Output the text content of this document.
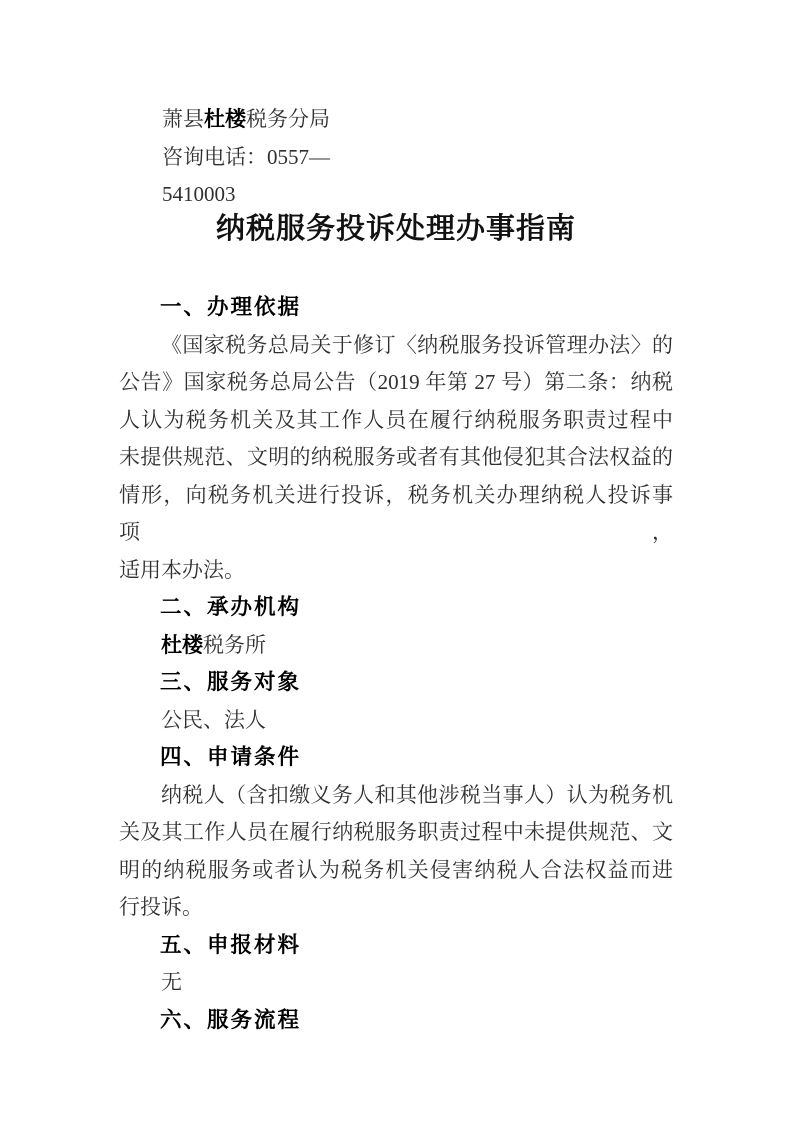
萧县杜楼税务分局

咨询电话：0557—

5410003

纳税服务投诉处理办事指南
一、办理依据

《国家税务总局关于修订〈纳税服务投诉管理办法〉的

公告》国家税务总局公告（2019 年第 27 号）第二条：纳税

人认为税务机关及其工作人员在履行纳税服务职责过程中

未提供规范、文明的纳税服务或者有其他侵犯其合法权益的

情形，向税务机关进行投诉，税务机关办理纳税人投诉事项，

适用本办法。

二、承办机构

杜楼税务所

三、服务对象

公民、法人

四、申请条件

纳税人（含扣缴义务人和其他涉税当事人）认为税务机

关及其工作人员在履行纳税服务职责过程中未提供规范、文

明的纳税服务或者认为税务机关侵害纳税人合法权益而进

行投诉。

五、申报材料

无

六、服务流程
